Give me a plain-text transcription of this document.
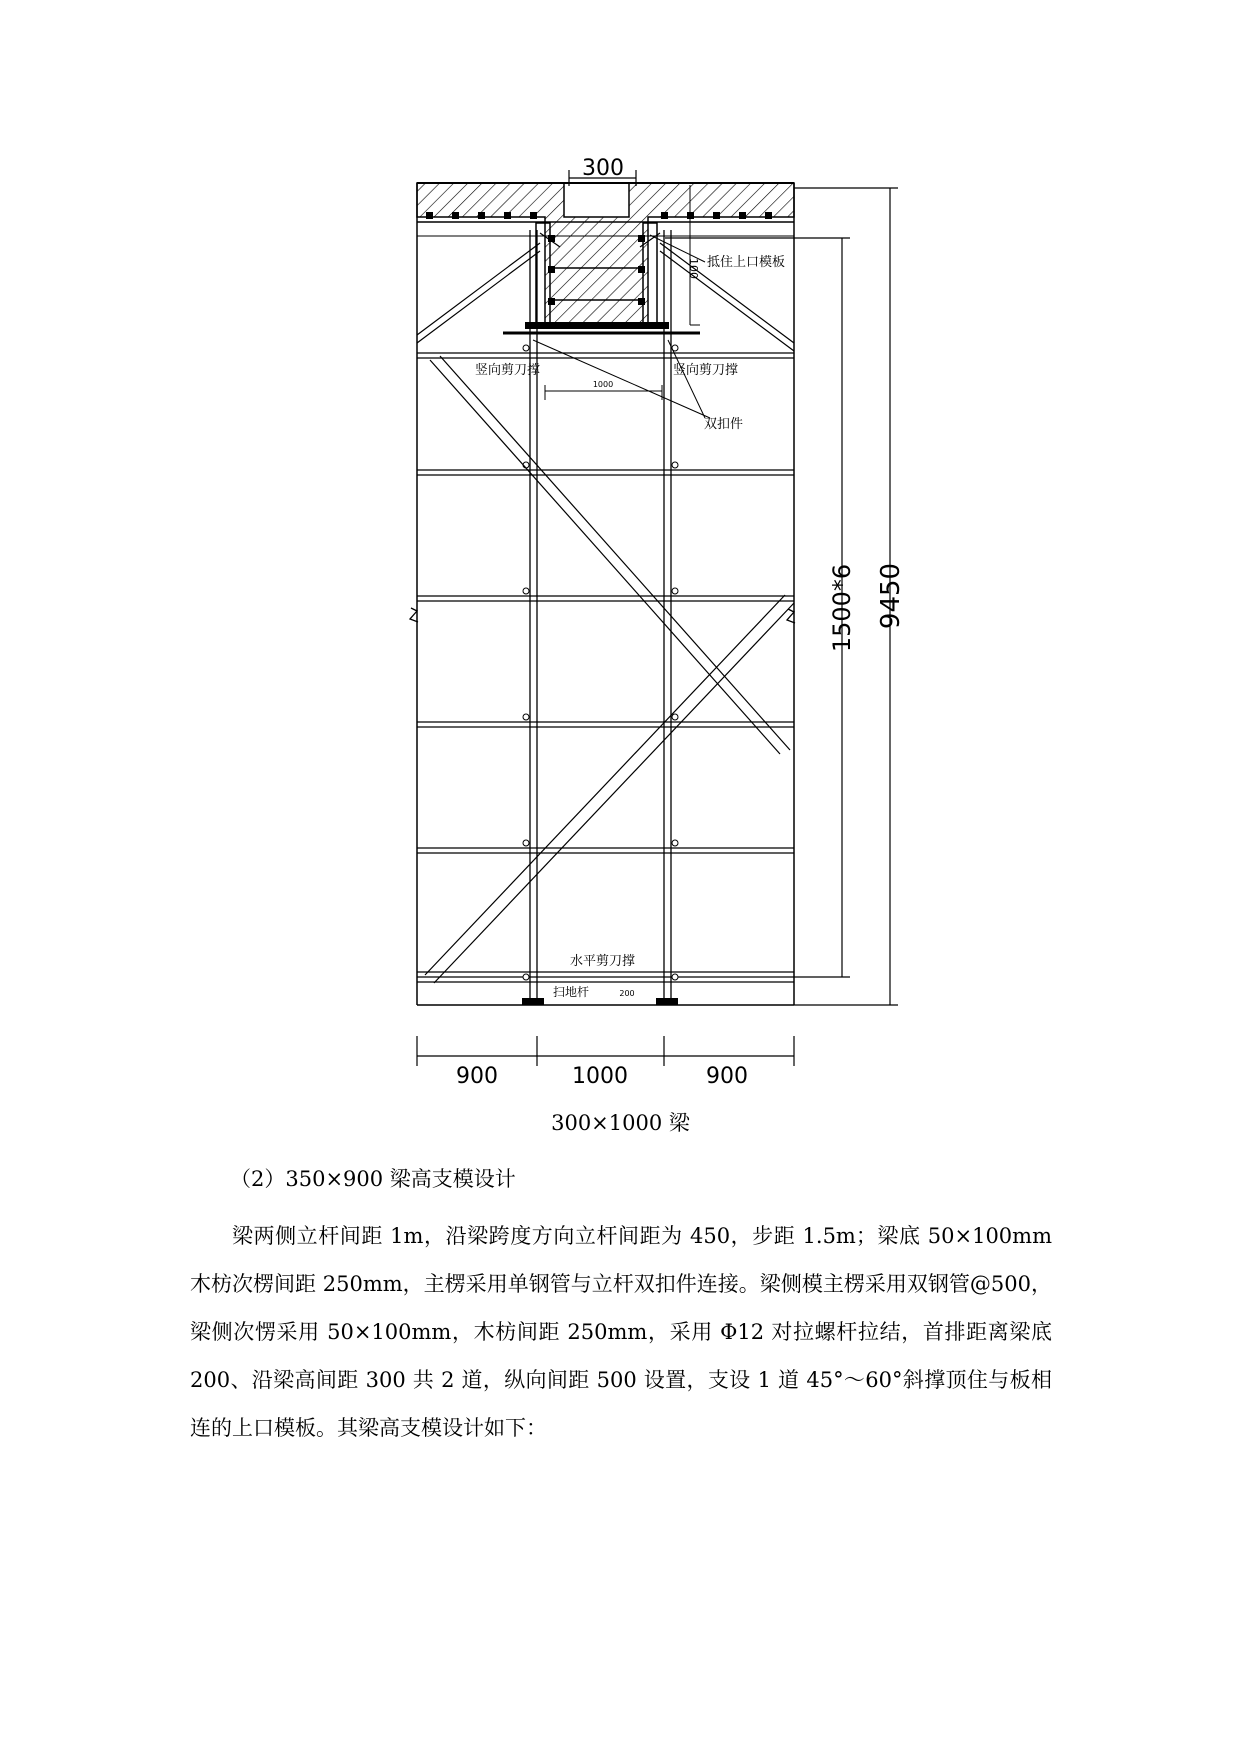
300
100
1500*6 9450
900	1000	900
抵住上口模板
竖向剪刀撑	竖向剪刀撑
1000
双扣件
水平剪刀撑
扫地杆	200
300×1000 梁
（2）350×900 梁高支模设计

梁两侧立杆间距 1m，沿梁跨度方向立杆间距为 450，步距 1.5m；梁底 50×100mm 木枋次楞间距 250mm，主楞采用单钢管与立杆双扣件连接。梁侧模主楞采用双钢管@500，梁侧次愣采用 50×100mm，木枋间距 250mm，采用 Φ12 对拉螺杆拉结，首排距离梁底 200、沿梁高间距 300 共 2 道，纵向间距 500 设置，支设 1 道 45°～60°斜撑顶住与板相连的上口模板。其梁高支模设计如下：
